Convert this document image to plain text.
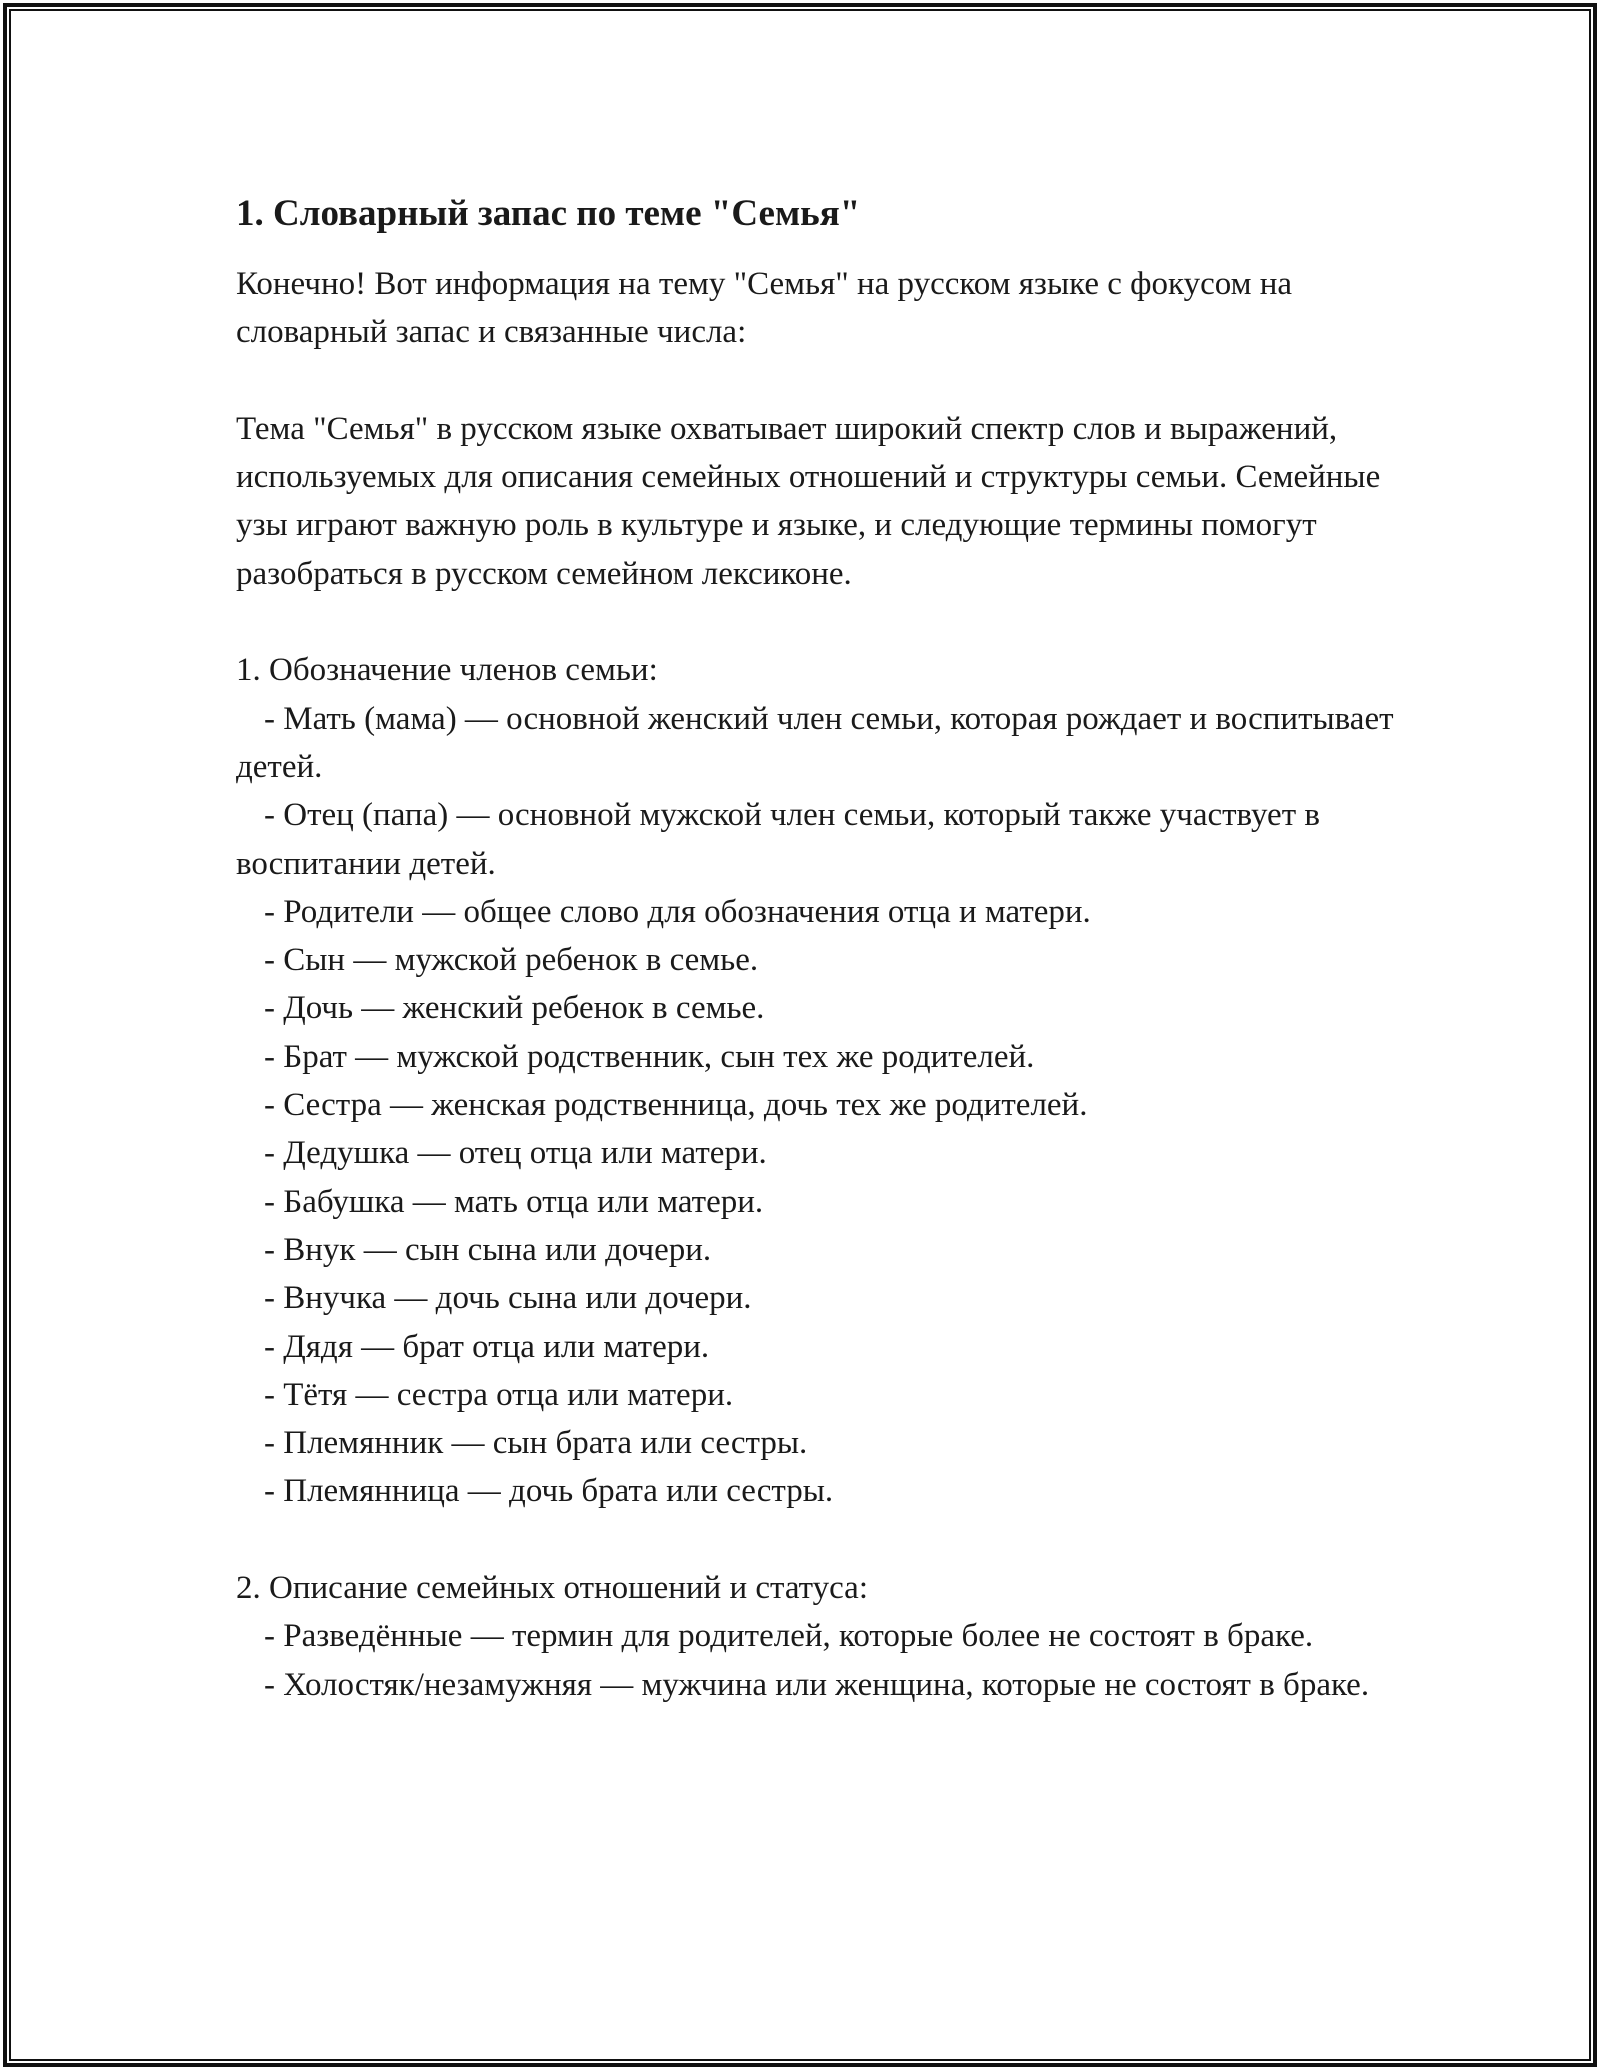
1. Словарный запас по теме "Семья"

Конечно! Вот информация на тему "Семья" на русском языке с фокусом на словарный запас и связанные числа:

Тема "Семья" в русском языке охватывает широкий спектр слов и выражений, используемых для описания семейных отношений и структуры семьи. Семейные узы играют важную роль в культуре и языке, и следующие термины помогут разобраться в русском семейном лексиконе.

1. Обозначение членов семьи:

- Мать (мама) — основной женский член семьи, которая рождает и воспитывает детей.

- Отец (папа) — основной мужской член семьи, который также участвует в воспитании детей.

- Родители — общее слово для обозначения отца и матери.

- Сын — мужской ребенок в семье.

- Дочь — женский ребенок в семье.

- Брат — мужской родственник, сын тех же родителей.

- Сестра — женская родственница, дочь тех же родителей.

- Дедушка — отец отца или матери.

- Бабушка — мать отца или матери.

- Внук — сын сына или дочери.

- Внучка — дочь сына или дочери.

- Дядя — брат отца или матери.

- Тётя — сестра отца или матери.

- Племянник — сын брата или сестры.

- Племянница — дочь брата или сестры.

2. Описание семейных отношений и статуса:

- Разведённые — термин для родителей, которые более не состоят в браке.

- Холостяк/незамужняя — мужчина или женщина, которые не состоят в браке.
